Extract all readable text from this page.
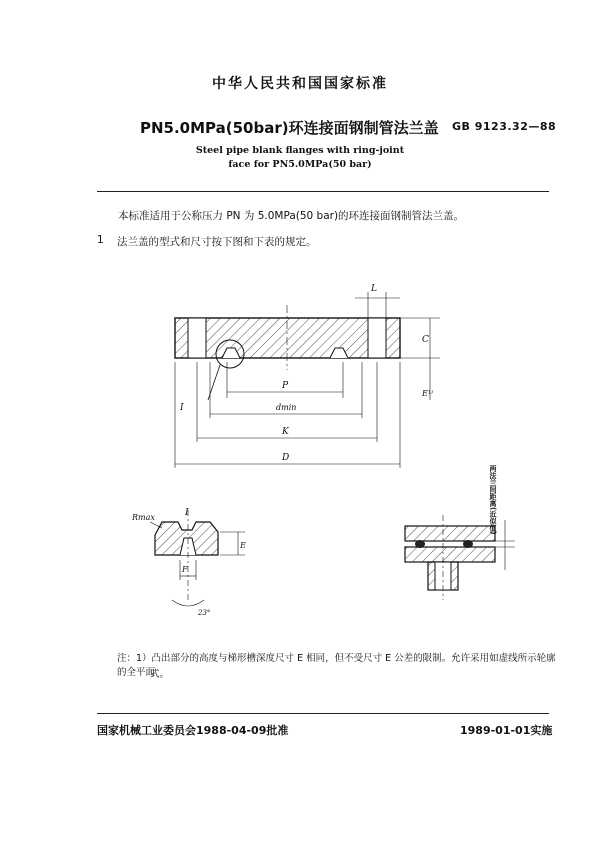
中华人民共和国国家标准
PN5.0MPa(50bar)环连接面钢制管法兰盖 GB 9123.32—88
Steel pipe blank flanges with ring-joint
face for PN5.0MPa(50 bar)
本标准适用于公称压力 PN 为 5.0MPa(50 bar)的环连接面钢制管法兰盖。
1 法兰盖的型式和尺寸按下图和下表的规定。
I
L
C
E¹⁾
P
dmin
K
D
I
Rmax
E
F
23°
两法兰间距离(近似值)
注：1）凸出部分的高度与梯形槽深度尺寸 E 相同，但不受尺寸 E 公差的限制。允许采用如虚线所示轮廓的全平面
式。
国家机械工业委员会1988-04-09批准	1989-01-01实施
